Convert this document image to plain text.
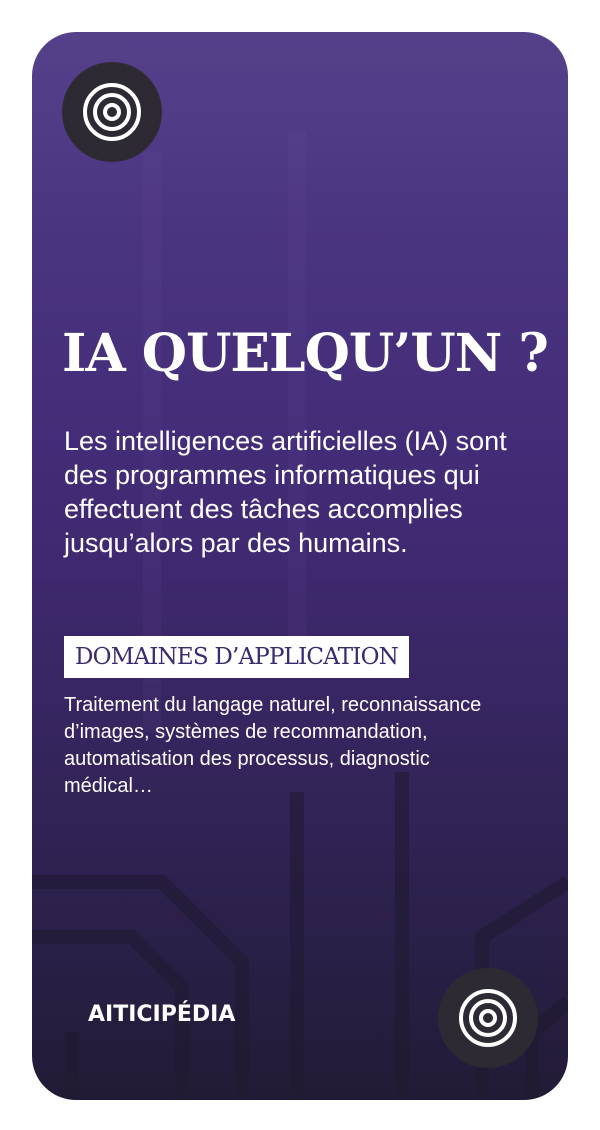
IA QUELQU’UN ?

Les intelligences artificielles (IA) sont des programmes informatiques qui effectuent des tâches accomplies jusqu’alors par des humains.

DOMAINES D’APPLICATION

Traitement du langage naturel, reconnaissance d’images, systèmes de recommandation, automatisation des processus, diagnostic médical…

AITICIPÉDIA
